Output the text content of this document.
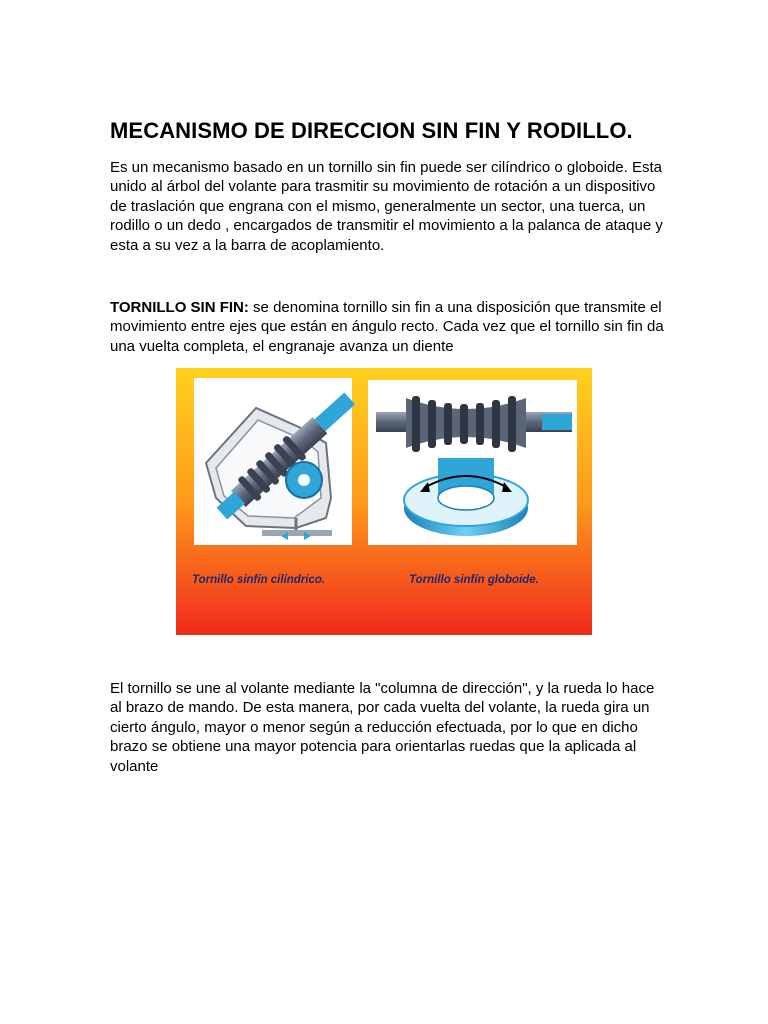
MECANISMO DE DIRECCION SIN FIN Y RODILLO.

Es un mecanismo basado en un tornillo sin fin puede ser cilíndrico o globoide. Esta unido al árbol del volante para trasmitir su movimiento de rotación a un dispositivo de traslación que engrana con el mismo, generalmente un sector, una tuerca, un rodillo o un dedo , encargados de transmitir el movimiento a la palanca de ataque y esta a su vez a la barra de acoplamiento.

TORNILLO SIN FIN: se denomina tornillo sin fin a una disposición que transmite el movimiento entre ejes que están en ángulo recto. Cada vez que el tornillo sin fin da una vuelta completa, el engranaje avanza un diente

Tornillo sinfín cilíndrico.	Tornillo sinfín globoide.

El tornillo se une al volante mediante la "columna de dirección", y la rueda lo hace al brazo de mando. De esta manera, por cada vuelta del volante, la rueda gira un cierto ángulo, mayor o menor según a reducción efectuada, por lo que en dicho brazo se obtiene una mayor potencia para orientarlas ruedas que la aplicada al volante
